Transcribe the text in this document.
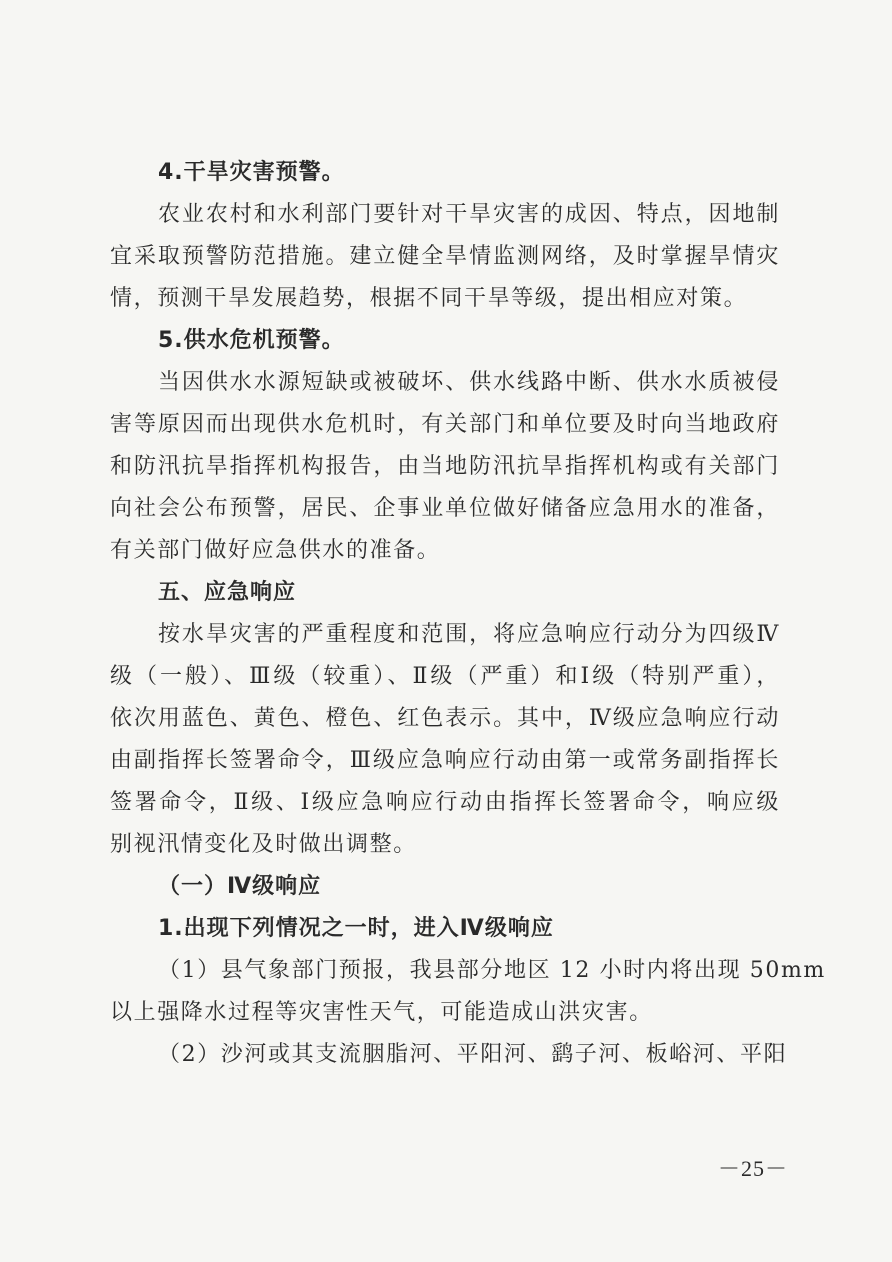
4.干旱灾害预警。

农业农村和水利部门要针对干旱灾害的成因、特点，因地制

宜采取预警防范措施。建立健全旱情监测网络，及时掌握旱情灾

情，预测干旱发展趋势，根据不同干旱等级，提出相应对策。

5.供水危机预警。

当因供水水源短缺或被破坏、供水线路中断、供水水质被侵

害等原因而出现供水危机时，有关部门和单位要及时向当地政府

和防汛抗旱指挥机构报告，由当地防汛抗旱指挥机构或有关部门

向社会公布预警，居民、企事业单位做好储备应急用水的准备，

有关部门做好应急供水的准备。

五、应急响应

按水旱灾害的严重程度和范围，将应急响应行动分为四级Ⅳ

级（一般）、Ⅲ级（较重）、Ⅱ级（严重）和Ⅰ级（特别严重），

依次用蓝色、黄色、橙色、红色表示。其中，Ⅳ级应急响应行动

由副指挥长签署命令，Ⅲ级应急响应行动由第一或常务副指挥长

签署命令，Ⅱ级、Ⅰ级应急响应行动由指挥长签署命令，响应级

别视汛情变化及时做出调整。

（一）Ⅳ级响应

1.出现下列情况之一时，进入Ⅳ级响应

（1）县气象部门预报，我县部分地区 12 小时内将出现 50mm

以上强降水过程等灾害性天气，可能造成山洪灾害。

（2）沙河或其支流胭脂河、平阳河、鹞子河、板峪河、平阳

－25－
